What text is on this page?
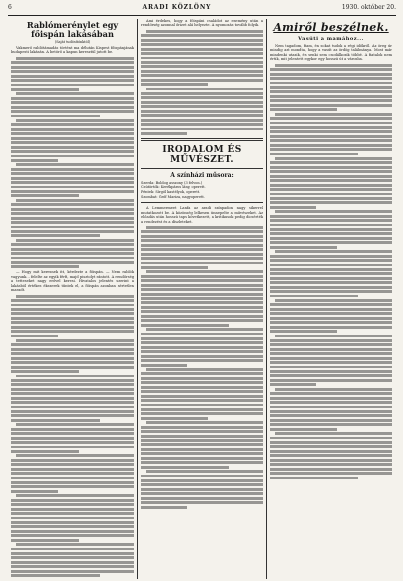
6	ARADI KÖZLÖNY	1930. október 20.
Rablómerénylet egy főispán lakásában
(Saját tudósítónktól)

Vakmerő rablótámadás történt ma délután Kispest főispánjának budapesti lakásán. A betörő a kapun keresztül jutott be.

— Hogy mit keresnek itt, kérdezte a főispán. — Nem rablók vagyunk... felelte az egyik férfi, majd pisztolyt rántott. A rendőrség a tetteseket nagy erővel keresi. Hivatalos jelentés szerint a lakásból értékes ékszerek tűntek el, a főispán azonban sértetlen maradt.

Ami érdekes, hogy a főispáni családot az esemény után a rendőrség azonnal őrizet alá helyezte. A nyomozás tovább folyik.

IRODALOM ÉS MŰVÉSZET.
A színházi műsora:
Szerda: Boldog asszony (3 felvon.)
Csütörtök: Kerékpáros lány, operett.
Péntek: Sírgól kastélyok, operett.
Szombat: Gróf Mariza, nagyoperett.

A Lemmermeet Lanfa az aradi színpadon nagy sikerrel mutatkozott be. A közönség lelkesen ünnepelte a művészeket. Az előadás után hosszú taps következett, a kritikusok pedig dicsérték a rendezést és a díszleteket.

Amiről beszélnek.
Vasúti a mamához...

Nem tagadom, fiam, én sokat tudok a régi időkről. Az öreg úr mindig azt mondta, hogy a vasút az ördög találmánya. Most már mindenki utazik, és senki sem csodálkozik többé. A fiatalok nem értik, mit jelentett egykor egy hosszú út a városba.
